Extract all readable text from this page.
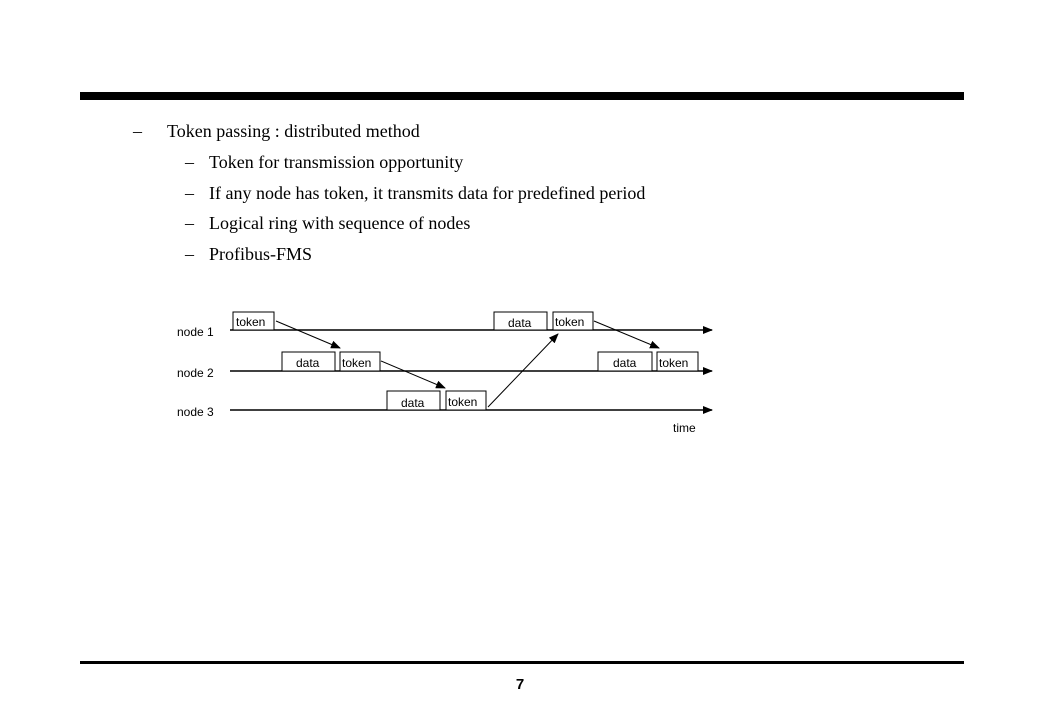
– Token passing : distributed method
– Token for transmission opportunity
– If any node has token, it transmits data for predefined period
– Logical ring with sequence of nodes
– Profibus-FMS
node 1
node 2
node 3
token	data token
data token	data token
data token
time
7
